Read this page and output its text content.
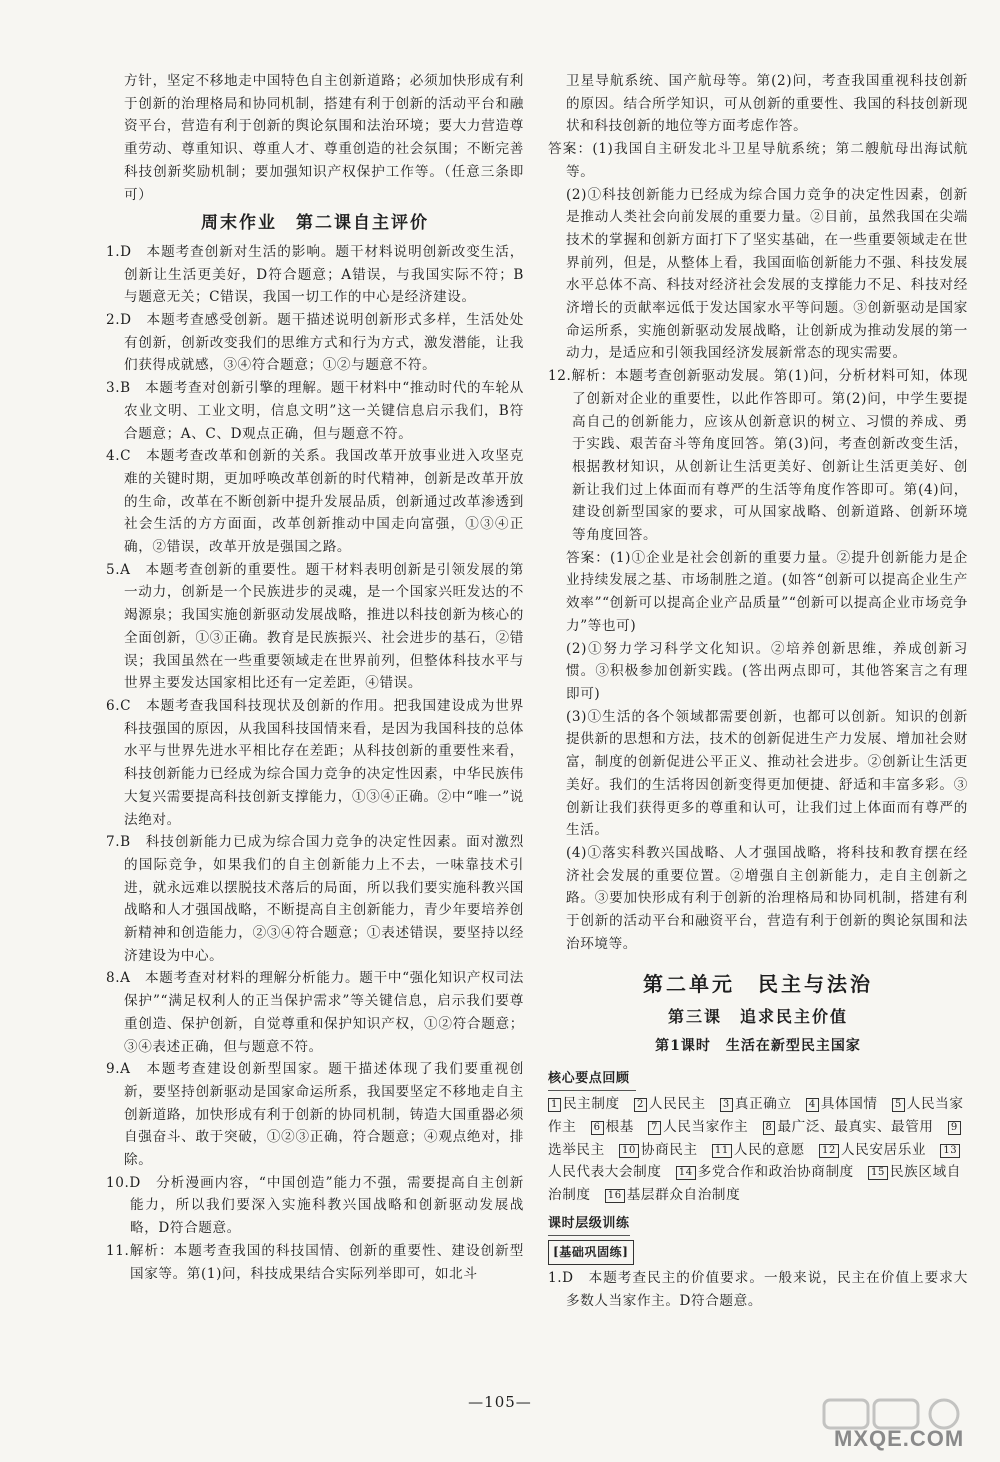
方针，坚定不移地走中国特色自主创新道路；必须加快形成有利于创新的治理格局和协同机制，搭建有利于创新的活动平台和融资平台，营造有利于创新的舆论氛围和法治环境；要大力营造尊重劳动、尊重知识、尊重人才、尊重创造的社会氛围；不断完善科技创新奖励机制；要加强知识产权保护工作等。（任意三条即可）

周末作业　第二课自主评价

1.D　本题考查创新对生活的影响。题干材料说明创新改变生活，创新让生活更美好，D符合题意；A错误，与我国实际不符；B与题意无关；C错误，我国一切工作的中心是经济建设。

2.D　本题考查感受创新。题干描述说明创新形式多样，生活处处有创新，创新改变我们的思维方式和行为方式，激发潜能，让我们获得成就感，③④符合题意；①②与题意不符。

3.B　本题考查对创新引擎的理解。题干材料中“推动时代的车轮从农业文明、工业文明，信息文明”这一关键信息启示我们，B符合题意；A、C、D观点正确，但与题意不符。

4.C　本题考查改革和创新的关系。我国改革开放事业进入攻坚克难的关键时期，更加呼唤改革创新的时代精神，创新是改革开放的生命，改革在不断创新中提升发展品质，创新通过改革渗透到社会生活的方方面面，改革创新推动中国走向富强，①③④正确，②错误，改革开放是强国之路。

5.A　本题考查创新的重要性。题干材料表明创新是引领发展的第一动力，创新是一个民族进步的灵魂，是一个国家兴旺发达的不竭源泉；我国实施创新驱动发展战略，推进以科技创新为核心的全面创新，①③正确。教育是民族振兴、社会进步的基石，②错误；我国虽然在一些重要领域走在世界前列，但整体科技水平与世界主要发达国家相比还有一定差距，④错误。

6.C　本题考查我国科技现状及创新的作用。把我国建设成为世界科技强国的原因，从我国科技国情来看，是因为我国科技的总体水平与世界先进水平相比存在差距；从科技创新的重要性来看，科技创新能力已经成为综合国力竞争的决定性因素，中华民族伟大复兴需要提高科技创新支撑能力，①③④正确。②中“唯一”说法绝对。

7.B　科技创新能力已成为综合国力竞争的决定性因素。面对激烈的国际竞争，如果我们的自主创新能力上不去，一味靠技术引进，就永远难以摆脱技术落后的局面，所以我们要实施科教兴国战略和人才强国战略，不断提高自主创新能力，青少年要培养创新精神和创造能力，②③④符合题意；①表述错误，要坚持以经济建设为中心。

8.A　本题考查对材料的理解分析能力。题干中“强化知识产权司法保护”“满足权利人的正当保护需求”等关键信息，启示我们要尊重创造、保护创新，自觉尊重和保护知识产权，①②符合题意；③④表述正确，但与题意不符。

9.A　本题考查建设创新型国家。题干描述体现了我们要重视创新，要坚持创新驱动是国家命运所系，我国要坚定不移地走自主创新道路，加快形成有利于创新的协同机制，铸造大国重器必须自强奋斗、敢于突破，①②③正确，符合题意；④观点绝对，排除。

10.D　分析漫画内容，“中国创造”能力不强，需要提高自主创新能力，所以我们要深入实施科教兴国战略和创新驱动发展战略，D符合题意。

11.解析：本题考查我国的科技国情、创新的重要性、建设创新型国家等。第(1)问，科技成果结合实际列举即可，如北斗

卫星导航系统、国产航母等。第(2)问，考查我国重视科技创新的原因。结合所学知识，可从创新的重要性、我国的科技创新现状和科技创新的地位等方面考虑作答。

答案：(1)我国自主研发北斗卫星导航系统；第二艘航母出海试航等。

(2)①科技创新能力已经成为综合国力竞争的决定性因素，创新是推动人类社会向前发展的重要力量。②目前，虽然我国在尖端技术的掌握和创新方面打下了坚实基础，在一些重要领域走在世界前列，但是，从整体上看，我国面临创新能力不强、科技发展水平总体不高、科技对经济社会发展的支撑能力不足、科技对经济增长的贡献率远低于发达国家水平等问题。③创新驱动是国家命运所系，实施创新驱动发展战略，让创新成为推动发展的第一动力，是适应和引领我国经济发展新常态的现实需要。

12.解析：本题考查创新驱动发展。第(1)问，分析材料可知，体现了创新对企业的重要性，以此作答即可。第(2)问，中学生要提高自己的创新能力，应该从创新意识的树立、习惯的养成、勇于实践、艰苦奋斗等角度回答。第(3)问，考查创新改变生活，根据教材知识，从创新让生活更美好、创新让生活更美好、创新让我们过上体面而有尊严的生活等角度作答即可。第(4)问，建设创新型国家的要求，可从国家战略、创新道路、创新环境等角度回答。

答案：(1)①企业是社会创新的重要力量。②提升创新能力是企业持续发展之基、市场制胜之道。(如答“创新可以提高企业生产效率”“创新可以提高企业产品质量”“创新可以提高企业市场竞争力”等也可)

(2)①努力学习科学文化知识。②培养创新思维，养成创新习惯。③积极参加创新实践。(答出两点即可，其他答案言之有理即可)

(3)①生活的各个领域都需要创新，也都可以创新。知识的创新提供新的思想和方法，技术的创新促进生产力发展、增加社会财富，制度的创新促进公平正义、推动社会进步。②创新让生活更美好。我们的生活将因创新变得更加便捷、舒适和丰富多彩。③创新让我们获得更多的尊重和认可，让我们过上体面而有尊严的生活。

(4)①落实科教兴国战略、人才强国战略，将科技和教育摆在经济社会发展的重要位置。②增强自主创新能力，走自主创新之路。③要加快形成有利于创新的治理格局和协同机制，搭建有利于创新的活动平台和融资平台，营造有利于创新的舆论氛围和法治环境等。

第二单元　民主与法治
第三课　追求民主价值
第1课时　生活在新型民主国家
核心要点回顾
1 民主制度　 2 人民民主　 3 真正确立　 4 具体国情　 5 人民当家作主　 6 根基　 7 人民当家作主　 8 最广泛、最真实、最管用　 9选举民主　 10 协商民主　 11 人民的意愿　 12 人民安居乐业　 13人民代表大会制度　 14 多党合作和政治协商制度　 15 民族区域自治制度　 16 基层群众自治制度　
课时层级训练
[基础巩固练]

1.D　本题考查民主的价值要求。一般来说，民主在价值上要求大多数人当家作主。D符合题意。

—105—
MXQE.COM
